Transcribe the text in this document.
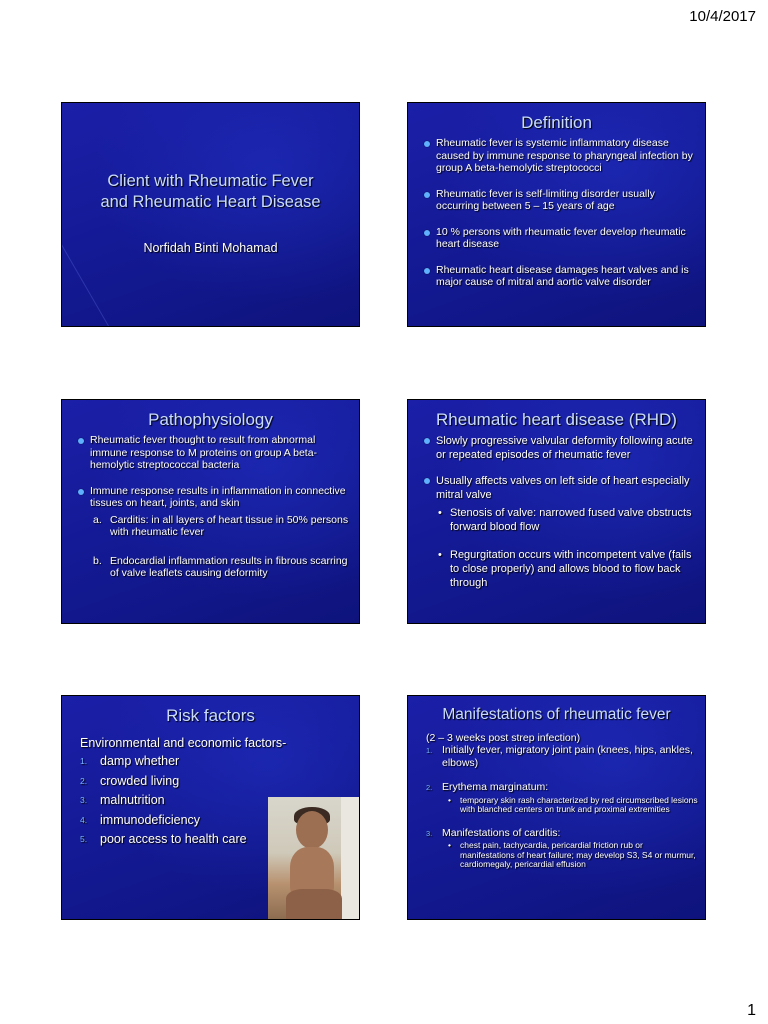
10/4/2017
Client with Rheumatic Fever
and Rheumatic Heart Disease
Norfidah Binti Mohamad
Definition
Rheumatic fever is systemic inflammatory disease caused by immune response to pharyngeal infection by group A beta-hemolytic streptococci
Rheumatic fever is self-limiting disorder usually occurring between 5 – 15 years of age
10 % persons with rheumatic fever develop rheumatic heart disease
Rheumatic heart disease damages heart valves and is major cause of mitral and aortic valve disorder
Pathophysiology
Rheumatic fever thought to result from abnormal immune response to M proteins on group A beta-hemolytic streptococcal bacteria
Immune response results in inflammation in connective tissues on heart, joints, and skin
a. Carditis: in all layers of heart tissue in 50% persons with rheumatic fever
b. Endocardial inflammation results in fibrous scarring of valve leaflets causing deformity
Rheumatic heart disease (RHD)
Slowly progressive valvular deformity following acute or repeated episodes of rheumatic fever
Usually affects valves on left side of heart especially mitral valve
• Stenosis of valve: narrowed fused valve obstructs forward blood flow
• Regurgitation occurs with incompetent valve (fails to close properly) and allows blood to flow back through
Risk factors
Environmental and economic factors-
1. damp whether
2. crowded living
3. malnutrition
4. immunodeficiency
5. poor access to health care
Manifestations of rheumatic fever
(2 – 3 weeks post strep infection)
1. Initially fever, migratory joint pain (knees, hips, ankles, elbows)
2. Erythema marginatum:
• temporary skin rash characterized by red circumscribed lesions with blanched centers on trunk and proximal extremities
3. Manifestations of carditis:
• chest pain, tachycardia, pericardial friction rub or manifestations of heart failure; may develop S3, S4 or murmur, cardiomegaly, pericardial effusion
1
